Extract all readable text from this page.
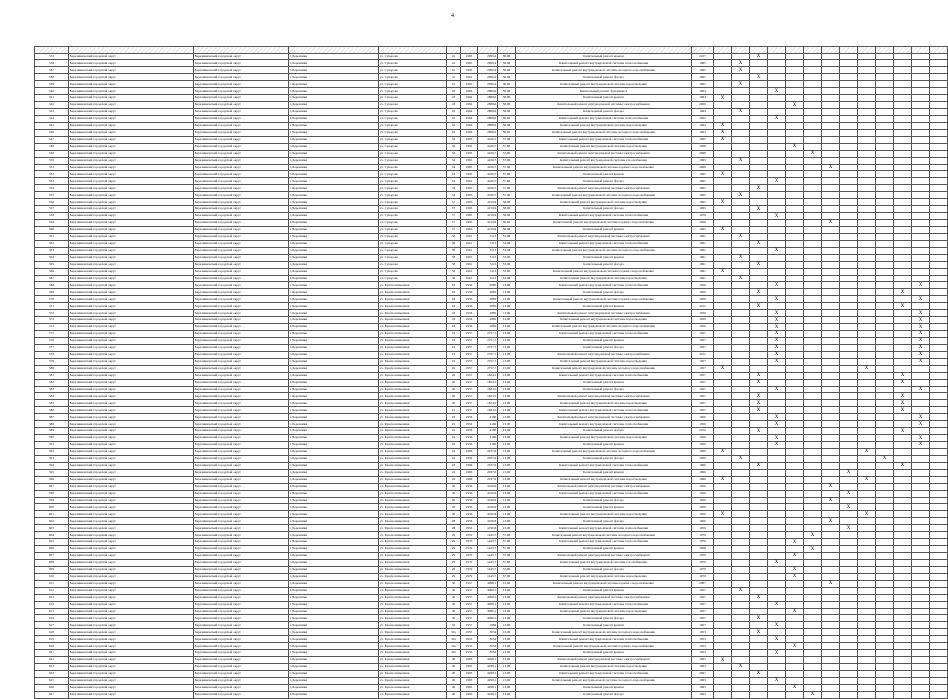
4

535	Березниковский городской округ	Березниковский городской округ	г. Березники	ул. Суворова	41	1965	2999,4	58,06	Капитальный ремонт крыши	2017			X										
536	Березниковский городской округ	Березниковский городской округ	г. Березники	ул. Суворова	41	1965	2999,4	58,06	Капитальный ремонт внутридомовой системы теплоснабжения	1965		X											
537	Березниковский городской округ	Березниковский городской округ	г. Березники	ул. Суворова	41	1965	2999,4	58,06	Капитальный ремонт внутридомовой системы холодного водоснабжения	1965		X											
538	Березниковский городской округ	Березниковский городской округ	г. Березники	ул. Суворова	41	1965	2999,4	58,06	Капитальный ремонт фасада	1965			X										
539	Березниковский городской округ	Березниковский городской округ	г. Березники	ул. Суворова	41	1965	2999,4	58,06	Капитальный ремонт внутридомовой системы водоотведения	1965		X											
540	Березниковский городской округ	Березниковский городской округ	г. Березники	ул. Суворова	43	1964	2888,6	58,06	Капитальный ремонт фундамента	1964				X									
541	Березниковский городской округ	Березниковский городской округ	г. Березники	ул. Суворова	43	1964	2888,6	58,06	Капитальный ремонт крыши	1964	X												
542	Березниковский городской округ	Березниковский городской округ	г. Березники	ул. Суворова	43	1964	2888,6	58,06	Капитальный ремонт внутридомовой системы электроснабжения	2006					X								
543	Березниковский городской округ	Березниковский городской округ	г. Березники	ул. Суворова	43	1964	2888,6	58,06	Капитальный ремонт фасада	1964		X											
544	Березниковский городской округ	Березниковский городской округ	г. Березники	ул. Суворова	43	1964	2888,6	58,06	Капитальный ремонт внутридомовой системы теплоснабжения	2002				X									
545	Березниковский городской округ	Березниковский городской округ	г. Березники	ул. Суворова	43	1964	2888,6	58,06	Капитальный ремонт внутридомовой системы водоотведения	1964	X												
546	Березниковский городской округ	Березниковский городской округ	г. Березники	ул. Суворова	43	1964	2888,6	58,06	Капитальный ремонт внутридомовой системы холодного водоснабжения	1964	X												
547	Березниковский городской округ	Березниковский городской округ	г. Березники	ул. Суворова	54	1965	4166,7	57,06	Капитальный ремонт внутридомовой системы теплоснабжения	1965	X												
548	Березниковский городской округ	Березниковский городской округ	г. Березники	ул. Суворова	54	1965	4166,7	57,06	Капитальный ремонт внутридомовой системы водоотведения	2008					X								
549	Березниковский городской округ	Березниковский городской округ	г. Березники	ул. Суворова	54	1965	4166,7	57,06	Капитальный ремонт внутридомовой системы электроснабжения	2008						X							
550	Березниковский городской округ	Березниковский городской округ	г. Березники	ул. Суворова	54	1965	4166,7	57,06	Капитальный ремонт внутридомовой системы газоснабжения	1965		X											
551	Березниковский городской округ	Березниковский городской округ	г. Березники	ул. Суворова	54	1965	4166,7	57,06	Капитальный ремонт внутридомовой системы горячего водоснабжения	2008							X						
552	Березниковский городской округ	Березниковский городской округ	г. Березники	ул. Суворова	54	1965	4166,7	57,06	Капитальный ремонт крыши	1965	X												
553	Березниковский городской округ	Березниковский городской округ	г. Березники	ул. Суворова	54	1965	4166,7	57,06	Капитальный ремонт фасада	1965				X									
554	Березниковский городской округ	Березниковский городской округ	г. Березники	ул. Суворова	54	1965	4166,7	57,06	Капитальный ремонт внутридомовой системы электроснабжения	1965			X										
555	Березниковский городской округ	Березниковский городской округ	г. Березники	ул. Суворова	54	1965	4166,7	57,06	Капитальный ремонт внутридомовой системы холодного водоснабжения	1965		X											
556	Березниковский городской округ	Березниковский городской округ	г. Березники	ул. Суворова	57	1965	4159,9	58,06	Капитальный ремонт внутридомовой системы водоотведения	1965	X												
557	Березниковский городской округ	Березниковский городской округ	г. Березники	ул. Суворова	57	1965	4159,9	58,06	Капитальный ремонт фасада	1965			X										
558	Березниковский городской округ	Березниковский городской округ	г. Березники	ул. Суворова	57	1965	4159,9	58,06	Капитальный ремонт внутридомовой системы теплоснабжения	1976				X									
559	Березниковский городской округ	Березниковский городской округ	г. Березники	ул. Суворова	57	1965	4159,9	58,06	Капитальный ремонт внутридомовой системы горячего водоснабжения	2008							X						
560	Березниковский городской округ	Березниковский городской округ	г. Березники	ул. Суворова	57	1965	4159,9	58,06	Капитальный ремонт крыши	1965	X												
561	Березниковский городской округ	Березниковский городской округ	г. Березники	ул. Суворова	58	1961	5113	53,06	Капитальный ремонт внутридомовой системы электроснабжения	1961		X											
562	Березниковский городской округ	Березниковский городской округ	г. Березники	ул. Суворова	58	1961	5113	53,06	Капитальный ремонт внутридомовой системы теплоснабжения	1961			X										
563	Березниковский городской округ	Березниковский городской округ	г. Березники	ул. Суворова	58	1961	5113	53,06	Капитальный ремонт внутридомовой системы холодного водоснабжения	1961				X									
564	Березниковский городской округ	Березниковский городской округ	г. Березники	ул. Суворова	58	1961	5113	53,06	Капитальный ремонт крыши	1961		X											
565	Березниковский городской округ	Березниковский городской округ	г. Березники	ул. Суворова	58	1961	5113	53,06	Капитальный ремонт фасада	1961			X										
566	Березниковский городской округ	Березниковский городской округ	г. Березники	ул. Суворова	58	1961	5113	53,06	Капитальный ремонт внутридомовой системы горячего водоснабжения	1961	X												
567	Березниковский городской округ	Березниковский городской округ	г. Березники	ул. Суворова	58	1961	5113	53,06	Капитальный ремонт внутридомовой системы водоотведения	1961		X											
568	Березниковский городской округ	Березниковский городской округ	г. Березники	ул. Краснознаменная	18	1956	2885	13,06	Капитальный ремонт внутридомовой системы теплоснабжения	1956				X								X	
569	Березниковский городской округ	Березниковский городской округ	г. Березники	ул. Краснознаменная	18	1956	2885	13,06	Капитальный ремонт фасада	1956			X								X		
570	Березниковский городской округ	Березниковский городской округ	г. Березники	ул. Краснознаменная	18	1956	2885	13,06	Капитальный ремонт внутридомовой системы горячего водоснабжения	1956				X								X	
571	Березниковский городской округ	Березниковский городской округ	г. Березники	ул. Краснознаменная	18	1956	2885	13,06	Капитальный ремонт крыши	2011			X								X		
572	Березниковский городской округ	Березниковский городской округ	г. Березники	ул. Краснознаменная	18	1956	2885	13,06	Капитальный ремонт внутридомовой системы электроснабжения	1956				X								X	
573	Березниковский городской округ	Березниковский городской округ	г. Березники	ул. Краснознаменная	18	1956	2885	13,06	Капитальный ремонт внутридомовой системы водоотведения	1956				X								X	
574	Березниковский городской округ	Березниковский городской округ	г. Березники	ул. Краснознаменная	18	1956	2885	13,06	Капитальный ремонт внутридомовой системы холодного водоснабжения	1956				X								X	
575	Березниковский городской округ	Березниковский городской округ	г. Березники	ул. Краснознаменная	19	1957	2757,7	13,06	Капитальный ремонт внутридомовой системы теплоснабжения	1957				X								X	
576	Березниковский городской округ	Березниковский городской округ	г. Березники	ул. Краснознаменная	19	1957	2757,7	13,06	Капитальный ремонт крыши	1957				X								X	
577	Березниковский городской округ	Березниковский городской округ	г. Березники	ул. Краснознаменная	19	1957	2757,7	13,06	Капитальный ремонт фасада	1957				X								X	
578	Березниковский городской округ	Березниковский городской округ	г. Березники	ул. Краснознаменная	19	1957	2757,7	13,06	Капитальный ремонт внутридомовой системы электроснабжения	2011				X								X	
579	Березниковский городской округ	Березниковский городской округ	г. Березники	ул. Краснознаменная	19	1957	2757,7	13,06	Капитальный ремонт внутридомовой системы водоотведения	1957				X								X	
580	Березниковский городской округ	Березниковский городской округ	г. Березники	ул. Краснознаменная	19	1957	2757,7	13,06	Капитальный ремонт внутридомовой системы холодного водоснабжения	1957	X								X				
581	Березниковский городской округ	Березниковский городской округ	г. Березники	ул. Краснознаменная	20	1957	1824,5	13,06	Капитальный ремонт внутридомовой системы теплоснабжения	1957			X								X		
582	Березниковский городской округ	Березниковский городской округ	г. Березники	ул. Краснознаменная	20	1957	1824,5	13,06	Капитальный ремонт крыши	1957			X								X		
583	Березниковский городской округ	Березниковский городской округ	г. Березники	ул. Краснознаменная	20	1957	1824,5	13,06	Капитальный ремонт фасада	1957				X								X	
584	Березниковский городской округ	Березниковский городской округ	г. Березники	ул. Краснознаменная	20	1957	1824,5	13,06	Капитальный ремонт внутридомовой системы электроснабжения	1957			X								X		
585	Березниковский городской округ	Березниковский городской округ	г. Березники	ул. Краснознаменная	20	1957	1824,5	13,06	Капитальный ремонт внутридомовой системы водоотведения	1957			X								X		
586	Березниковский городской округ	Березниковский городской округ	г. Березники	ул. Краснознаменная	21	1957	1824,5	13,06	Капитальный ремонт внутридомовой системы теплоснабжения	1957			X								X		
587	Березниковский городской округ	Березниковский городской округ	г. Березники	ул. Краснознаменная	22	1956	4160	13,06	Капитальный ремонт внутридомовой системы электроснабжения	1956				X								X	
588	Березниковский городской округ	Березниковский городской округ	г. Березники	ул. Краснознаменная	22	1956	4160	13,06	Капитальный ремонт внутридомовой системы теплоснабжения	1956				X								X	
589	Березниковский городской округ	Березниковский городской округ	г. Березники	ул. Краснознаменная	22	1956	4160	13,06	Капитальный ремонт фасада	2012			X								X		
590	Березниковский городской округ	Березниковский городской округ	г. Березники	ул. Краснознаменная	22	1956	4160	13,06	Капитальный ремонт внутридомовой системы водоотведения	1956				X								X	
591	Березниковский городской округ	Березниковский городской округ	г. Березники	ул. Краснознаменная	22	1956	4160	13,06	Капитальный ремонт крыши	1956				X								X	
592	Березниковский городской округ	Березниковский городской округ	г. Березники	ул. Краснознаменная	24	1966	2037,6	13,06	Капитальный ремонт внутридомовой системы холодного водоснабжения	1966	X								X				
593	Березниковский городской округ	Березниковский городской округ	г. Березники	ул. Краснознаменная	24	1966	2037,6	13,06	Капитальный ремонт фасада	2009		X								X			
594	Березниковский городской округ	Березниковский городской округ	г. Березники	ул. Краснознаменная	24	1966	2037,6	13,06	Капитальный ремонт внутридомовой системы теплоснабжения	1966			X								X		
595	Березниковский городской округ	Березниковский городской округ	г. Березники	ул. Краснознаменная	24	1966	2037,6	13,06	Капитальный ремонт крыши	1966								X					
596	Березниковский городской округ	Березниковский городской округ	г. Березники	ул. Краснознаменная	24	1966	2037,6	13,06	Капитальный ремонт внутридомовой системы водоотведения	1966	X								X				
597	Березниковский городской округ	Березниковский городской округ	г. Березники	ул. Краснознаменная	26	1956	4190,6	13,06	Капитальный ремонт внутридомовой системы электроснабжения	1956							X						
598	Березниковский городской округ	Березниковский городской округ	г. Березники	ул. Краснознаменная	26	1956	4190,6	13,06	Капитальный ремонт внутридомовой системы теплоснабжения	1956								X					
599	Березниковский городской округ	Березниковский городской округ	г. Березники	ул. Краснознаменная	26	1956	4190,6	13,06	Капитальный ремонт фасада	1956							X						
600	Березниковский городской округ	Березниковский городской округ	г. Березники	ул. Краснознаменная	26	1956	4190,6	13,06	Капитальный ремонт крыши	1956								X					
601	Березниковский городской округ	Березниковский городской округ	г. Березники	ул. Краснознаменная	28	1956	4196,8	13,06	Капитальный ремонт внутридомовой системы водоотведения	1956	X								X				
602	Березниковский городской округ	Березниковский городской округ	г. Березники	ул. Краснознаменная	28	1956	4196,8	13,06	Капитальный ремонт фасада	1956							X						
603	Березниковский городской округ	Березниковский городской округ	г. Березники	ул. Краснознаменная	28	1956	4196,8	13,06	Капитальный ремонт внутридомовой системы теплоснабжения	1956								X					
604	Березниковский городской округ	Березниковский городской округ	г. Березники	ул. Краснознаменная	29	1979	1445,7	57,06	Капитальный ремонт внутридомовой системы холодного водоснабжения	1979						X							
605	Березниковский городской округ	Березниковский городской округ	г. Березники	ул. Краснознаменная	29	1979	1445,7	57,06	Капитальный ремонт внутридомовой системы теплоснабжения	1979					X								
606	Березниковский городской округ	Березниковский городской округ	г. Березники	ул. Краснознаменная	29	1979	1445,7	57,06	Капитальный ремонт крыши	2008						X							
607	Березниковский городской округ	Березниковский городской округ	г. Березники	ул. Краснознаменная	29	1979	1445,7	57,06	Капитальный ремонт внутридомовой системы электроснабжения	1979					X								
608	Березниковский городской округ	Березниковский городской округ	г. Березники	ул. Краснознаменная	29	1979	1445,7	57,06	Капитальный ремонт внутридомовой системы газоснабжения	1979				X									
609	Березниковский городской округ	Березниковский городской округ	г. Березники	ул. Краснознаменная	29	1979	1445,7	57,06	Капитальный ремонт фасада	1979					X								
610	Березниковский городской округ	Березниковский городской округ	г. Березники	ул. Краснознаменная	29	1979	1445,7	57,06	Капитальный ремонт внутридомовой системы водоотведения	1979					X								
611	Березниковский городской округ	Березниковский городской округ	г. Березники	ул. Краснознаменная	30	1957	4098,1	13,06	Капитальный ремонт внутридомовой системы горячего водоснабжения	2007							X						
612	Березниковский городской округ	Березниковский городской округ	г. Березники	ул. Краснознаменная	30	1957	4098,1	13,06	Капитальный ремонт крыши	1957		X											
613	Березниковский городской округ	Березниковский городской округ	г. Березники	ул. Краснознаменная	30	1957	4098,1	13,06	Капитальный ремонт внутридомовой системы электроснабжения	1957			X										
614	Березниковский городской округ	Березниковский городской округ	г. Березники	ул. Краснознаменная	30	1957	4098,1	13,06	Капитальный ремонт внутридомовой системы теплоснабжения	1957				X									
615	Березниковский городской округ	Березниковский городской округ	г. Березники	ул. Краснознаменная	30	1957	4098,1	13,06	Капитальный ремонт внутридомовой системы водоотведения	1957					X								
616	Березниковский городской округ	Березниковский городской округ	г. Березники	ул. Краснознаменная	30	1957	4098,1	13,06	Капитальный ремонт фасада	1957			X										
617	Березниковский городской округ	Березниковский городской округ	г. Березники	ул. Краснознаменная	32	1957	1984	13,06	Капитальный ремонт крыши	1957				X									
618	Березниковский городской округ	Березниковский городской округ	г. Березники	ул. Краснознаменная	32а	1953	3054	13,06	Капитальный ремонт внутридомовой системы холодного водоснабжения	1953			X										
619	Березниковский городской округ	Березниковский городской округ	г. Березники	ул. Краснознаменная	32а	1953	3054	13,06	Капитальный ремонт внутридомовой системы теплоснабжения	1953				X									
620	Березниковский городской округ	Березниковский городской округ	г. Березники	ул. Краснознаменная	32а	1953	3054	13,06	Капитальный ремонт внутридомовой системы горячего водоснабжения	1953					X								
621	Березниковский городской округ	Березниковский городской округ	г. Березники	ул. Краснознаменная	32а	1953	3054	13,06	Капитальный ремонт крыши	1953				X									
622	Березниковский городской округ	Березниковский городской округ	г. Березники	ул. Краснознаменная	40	1963	4298,1	13,06	Капитальный ремонт внутридомовой системы электроснабжения	1963	X												
623	Березниковский городской округ	Березниковский городской округ	г. Березники	ул. Краснознаменная	40	1963	4298,1	13,06	Капитальный ремонт внутридомовой системы водоотведения	1963		X											
624	Березниковский городской округ	Березниковский городской округ	г. Березники	ул. Краснознаменная	40	1963	4298,1	13,06	Капитальный ремонт внутридомовой системы теплоснабжения	2001			X										
625	Березниковский городской округ	Березниковский городской округ	г. Березники	ул. Краснознаменная	40	1963	4298,1	13,06	Капитальный ремонт внутридомовой системы холодного водоснабжения	1963				X									
626	Березниковский городской округ	Березниковский городской округ	г. Березники	ул. Краснознаменная	40	1963	4298,1	13,06	Капитальный ремонт крыши	1963					X								
627	Березниковский городской округ	Березниковский городской округ	г. Березники	ул. Краснознаменная	40	1963	4298,1	13,06	Капитальный ремонт фасада	1963						X							
